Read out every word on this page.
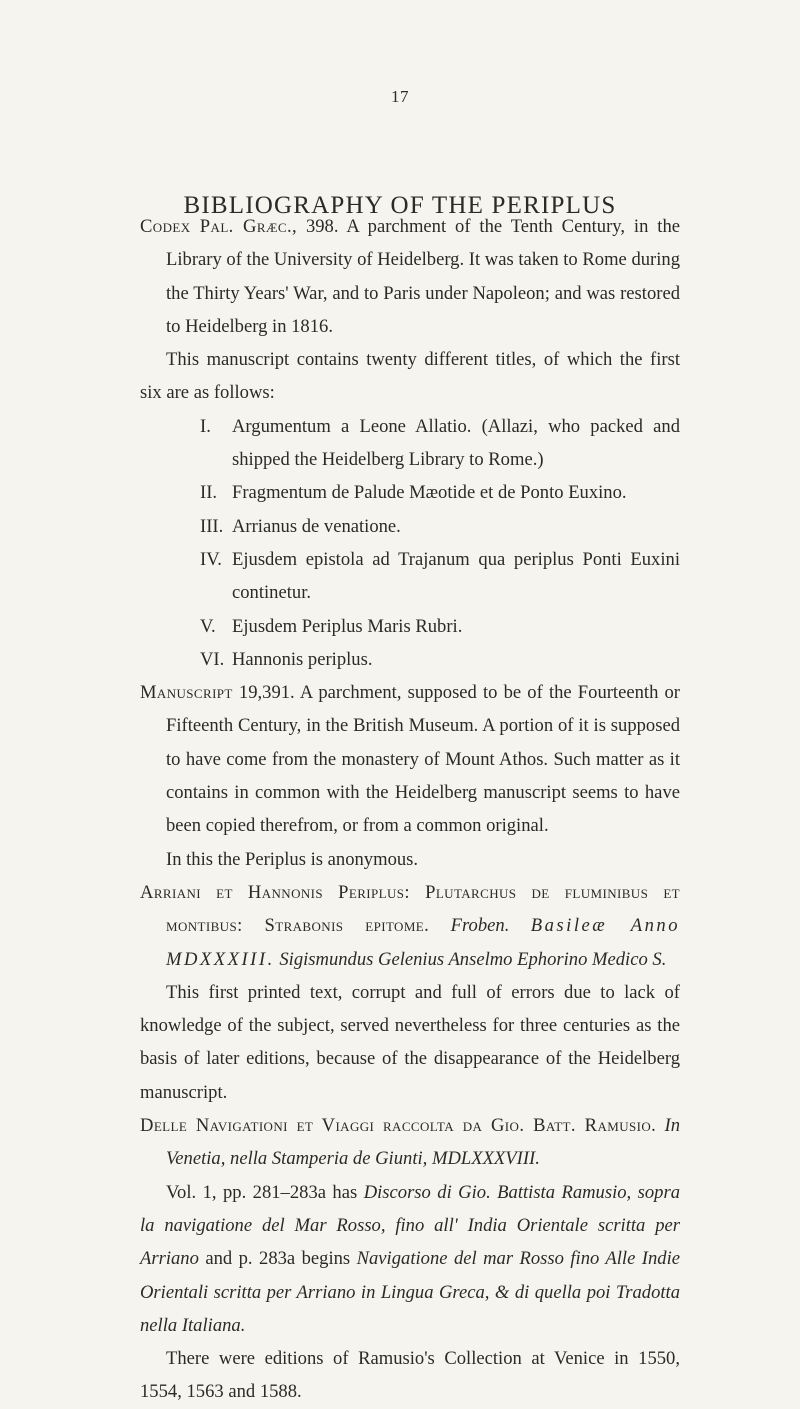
17
BIBLIOGRAPHY OF THE PERIPLUS

Codex Pal. Græc., 398. A parchment of the Tenth Century, in the Library of the University of Heidelberg. It was taken to Rome during the Thirty Years' War, and to Paris under Napoleon; and was restored to Heidelberg in 1816.

This manuscript contains twenty different titles, of which the first six are as follows:

I. Argumentum a Leone Allatio. (Allazi, who packed and shipped the Heidelberg Library to Rome.)
II. Fragmentum de Palude Mæotide et de Ponto Euxino.
III. Arrianus de venatione.
IV. Ejusdem epistola ad Trajanum qua periplus Ponti Euxini continetur.
V. Ejusdem Periplus Maris Rubri.
VI. Hannonis periplus.

Manuscript 19,391. A parchment, supposed to be of the Fourteenth or Fifteenth Century, in the British Museum. A portion of it is supposed to have come from the monastery of Mount Athos. Such matter as it contains in common with the Heidelberg manuscript seems to have been copied therefrom, or from a common original.

In this the Periplus is anonymous.

Arriani et Hannonis Periplus: Plutarchus de fluminibus et montibus: Strabonis epitome. Froben. Basileæ Anno MDXXXIII. Sigismundus Gelenius Anselmo Ephorino Medico S.

This first printed text, corrupt and full of errors due to lack of knowledge of the subject, served nevertheless for three centuries as the basis of later editions, because of the disappearance of the Heidelberg manuscript.

Delle Navigationi et Viaggi raccolta da Gio. Batt. Ramusio. In Venetia, nella Stamperia de Giunti, MDLXXXVIII.

Vol. 1, pp. 281–283a has Discorso di Gio. Battista Ramusio, sopra la navigatione del Mar Rosso, fino all' India Orientale scritta per Arriano and p. 283a begins Navigatione del mar Rosso fino Alle Indie Orientali scritta per Arriano in Lingua Greca, & di quella poi Tradotta nella Italiana.

There were editions of Ramusio's Collection at Venice in 1550, 1554, 1563 and 1588.
